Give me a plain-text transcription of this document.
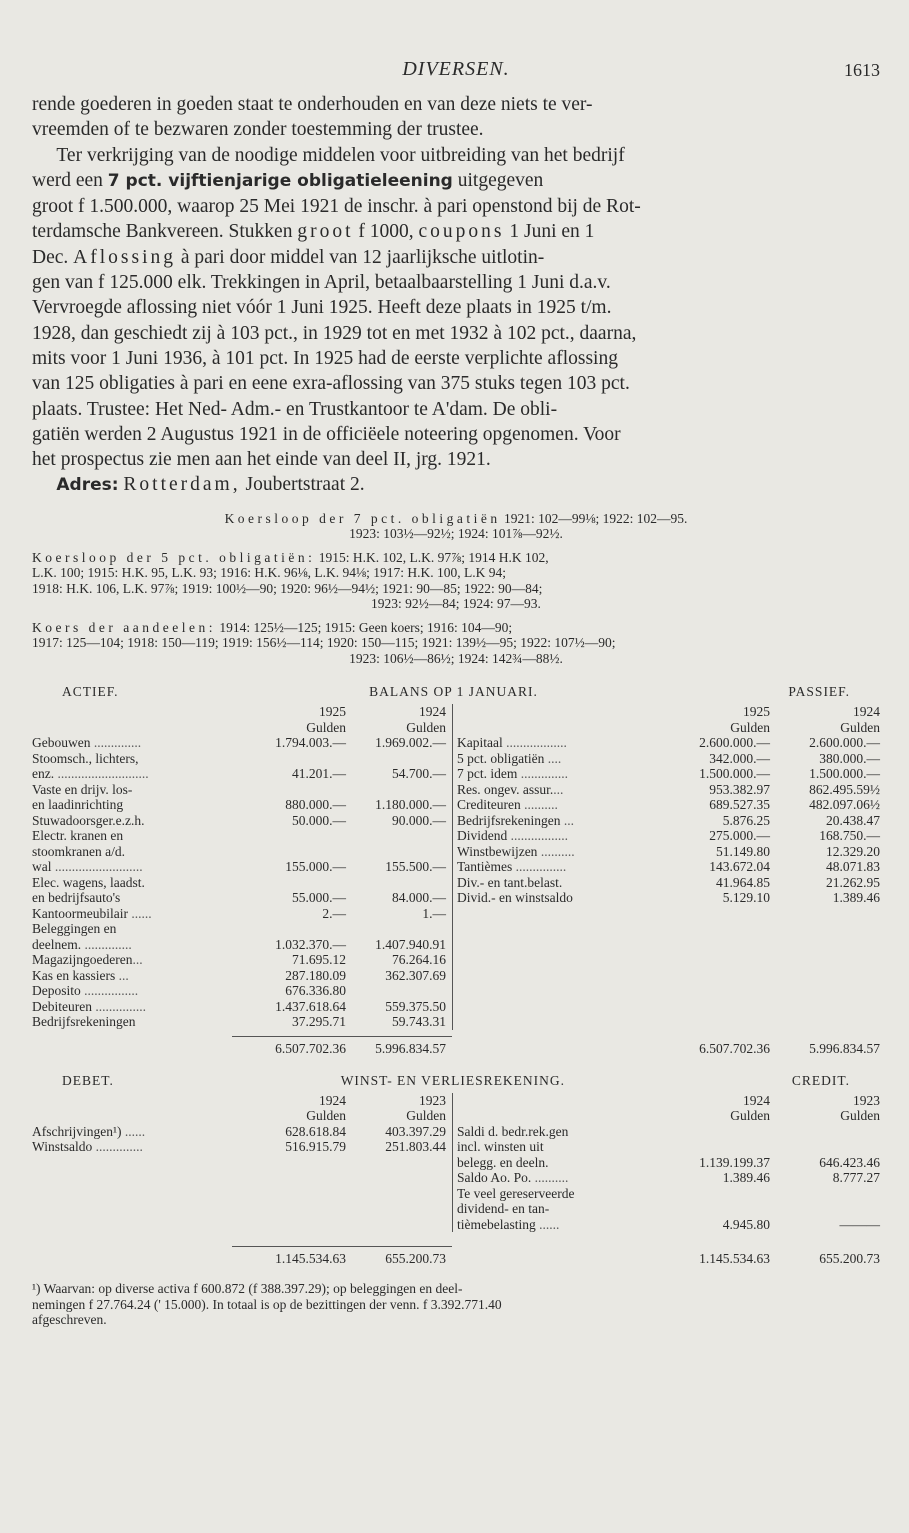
DIVERSEN.	1613

rende goederen in goeden staat te onderhouden en van deze niets te ver-

vreemden of te bezwaren zonder toestemming der trustee.

Ter verkrijging van de noodige middelen voor uitbreiding van het bedrijf

werd een 7 pct. vijftienjarige obligatieleening uitgegeven

groot f 1.500.000, waarop 25 Mei 1921 de inschr. à pari openstond bij de Rot-

terdamsche Bankvereen. Stukken groot f 1000, coupons 1 Juni en 1

Dec. Aflossing à pari door middel van 12 jaarlijksche uitlotin-

gen van f 125.000 elk. Trekkingen in April, betaalbaarstelling 1 Juni d.a.v.

Vervroegde aflossing niet vóór 1 Juni 1925. Heeft deze plaats in 1925 t/m.

1928, dan geschiedt zij à 103 pct., in 1929 tot en met 1932 à 102 pct., daarna,

mits voor 1 Juni 1936, à 101 pct. In 1925 had de eerste verplichte aflossing

van 125 obligaties à pari en eene exra-aflossing van 375 stuks tegen 103 pct.

plaats. Trustee: Het Ned- Adm.- en Trustkantoor te A'dam. De obli-

gatiën werden 2 Augustus 1921 in de officiëele noteering opgenomen. Voor

het prospectus zie men aan het einde van deel II, jrg. 1921.

Adres: Rotterdam, Joubertstraat 2.

Koersloop der 7 pct. obligatiën 1921: 102—99⅛; 1922: 102—95.
1923: 103½—92½; 1924: 101⅞—92½.
Koersloop der 5 pct. obligatiën: 1915: H.K. 102, L.K. 97⅞; 1914 H.K 102,
L.K. 100; 1915: H.K. 95, L.K. 93; 1916: H.K. 96⅛, L.K. 94⅛; 1917: H.K. 100, L.K 94;
1918: H.K. 106, L.K. 97⅞; 1919: 100½—90; 1920: 96½—94½; 1921: 90—85; 1922: 90—84;
1923: 92½—84; 1924: 97—93.
Koers der aandeelen: 1914: 125½—125; 1915: Geen koers; 1916: 104—90;
1917: 125—104; 1918: 150—119; 1919: 156½—114; 1920: 150—115; 1921: 139½—95; 1922: 107½—90;
1923: 106½—86½; 1924: 142¾—88½.
ACTIEF.	BALANS OP 1 JANUARI.	PASSIEF.
1925	1924
Gulden	Gulden
Gebouwen ..............	1.794.003.—	1.969.002.—
Stoomsch., lichters,
enz. ...........................	41.201.—	54.700.—
Vaste en drijv. los-
en laadinrichting	880.000.—	1.180.000.—
Stuwadoorsger.e.z.h.	50.000.—	90.000.—
Electr. kranen en
stoomkranen a/d.
wal ..........................	155.000.—	155.500.—
Elec. wagens, laadst.
en bedrijfsauto's	55.000.—	84.000.—
Kantoormeubilair ......	2.—	1.—
Beleggingen en
deelnem. ..............	1.032.370.—	1.407.940.91
Magazijngoederen...	71.695.12	76.264.16
Kas en kassiers ...	287.180.09	362.307.69
Deposito ................	676.336.80
Debiteuren ...............	1.437.618.64	559.375.50
Bedrijfsrekeningen	37.295.71	59.743.31
1925	1924
Gulden	Gulden
Kapitaal ..................	2.600.000.—	2.600.000.—
5 pct. obligatiën ....	342.000.—	380.000.—
7 pct. idem ..............	1.500.000.—	1.500.000.—
Res. ongev. assur....	953.382.97	862.495.59½
Crediteuren ..........	689.527.35	482.097.06½
Bedrijfsrekeningen ...	5.876.25	20.438.47
Dividend .................	275.000.—	168.750.—
Winstbewijzen ..........	51.149.80	12.329.20
Tantièmes ...............	143.672.04	48.071.83
Div.- en tant.belast.	41.964.85	21.262.95
Divid.- en winstsaldo	5.129.10	1.389.46
6.507.702.36	5.996.834.57	6.507.702.36	5.996.834.57
DEBET.	WINST- EN VERLIESREKENING.	CREDIT.
1924	1923
Gulden	Gulden
Afschrijvingen¹) ......	628.618.84	403.397.29
Winstsaldo ..............	516.915.79	251.803.44
1924	1923
Gulden	Gulden
Saldi d. bedr.rek.gen
incl. winsten uit
belegg. en deeln.	1.139.199.37	646.423.46
Saldo Ao. Po. ..........	1.389.46	8.777.27
Te veel gereserveerde
dividend- en tan-
tièmebelasting ......	4.945.80	———
1.145.534.63	655.200.73	1.145.534.63	655.200.73
¹) Waarvan: op diverse activa f 600.872 (f 388.397.29); op beleggingen en deel-
nemingen f 27.764.24 (' 15.000). In totaal is op de bezittingen der venn. f 3.392.771.40
afgeschreven.
